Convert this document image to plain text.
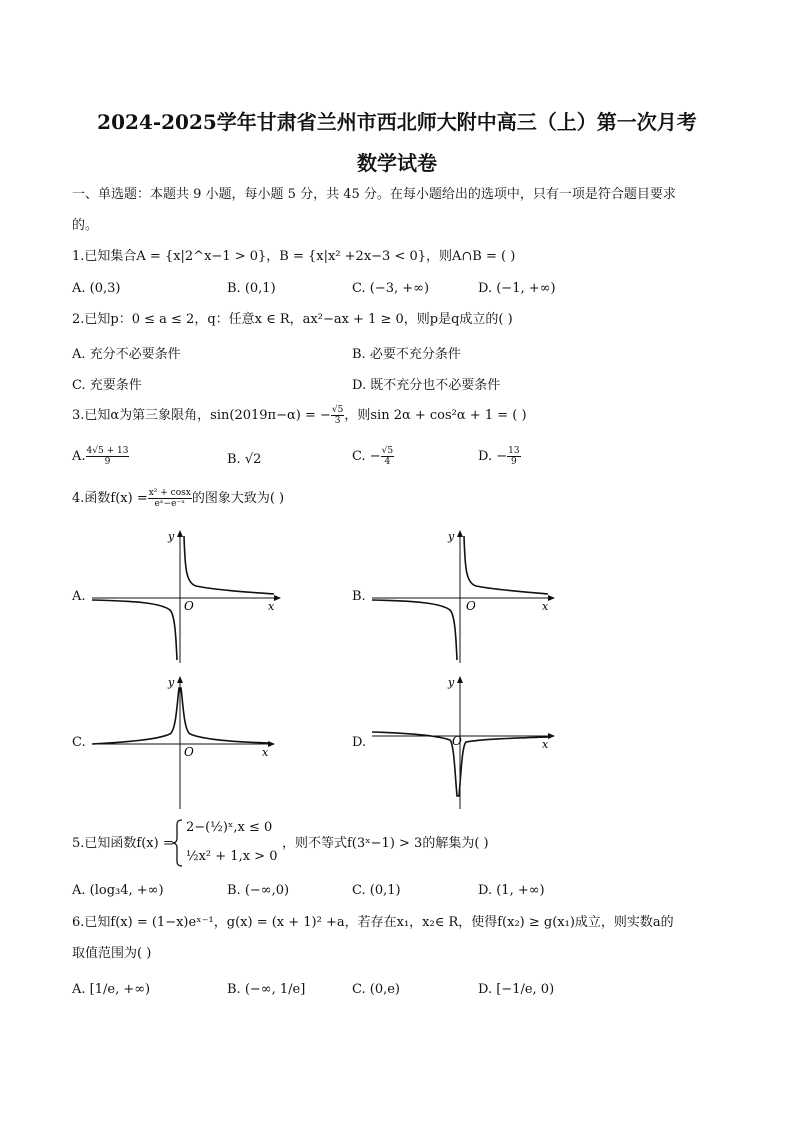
2024-2025学年甘肃省兰州市西北师大附中高三（上）第一次月考
数学试卷
一、单选题：本题共 9 小题，每小题 5 分，共 45 分。在每小题给出的选项中，只有一项是符合题目要求
的。
1.已知集合A = {x|2^x−1 > 0}，B = {x|x² +2x−3 < 0}，则A∩B = ( )
A. (0,3)	B. (0,1)	C. (−3, +∞)	D. (−1, +∞)
2.已知p：0 ≤ a ≤ 2，q：任意x ∈ R，ax²−ax + 1 ≥ 0，则p是q成立的( )
A. 充分不必要条件	B. 必要不充分条件
C. 充要条件	D. 既不充分也不必要条件
3.已知α为第三象限角，sin(2019π−α) = − $\frac{√5}{3}$ ，则sin 2α + cos²α + 1 = ( )
A. $\frac{4√5 + 13}{9}$	B. √2	C. − $\frac{√5}{4}$	D. − $\frac{13}{9}$
4.函数$f(x) = \frac{\text{x² + cosx}}{\text{eˣ−e⁻ˣ}}$ 的图象大致为( )
A.
y
x
O
B.
y
x
O
C.
y
x
O
D.
y
x
O
5.已知函数f(x) =
2−(½)ˣ,x ≤ 0
½x² + 1,x > 0
，则不等式f(3ˣ−1) > 3的解集为( )
A. (log₃4, +∞)	B. (−∞,0)	C. (0,1)	D. (1, +∞)
6.已知f(x) = (1−x)eˣ⁻¹，g(x) = (x + 1)² +a，若存在x₁，x₂∈ R，使得f(x₂) ≥ g(x₁)成立，则实数a的
取值范围为( )
A. [1/e, +∞)	B. (−∞, 1/e]	C. (0,e)	D. [−1/e, 0)
